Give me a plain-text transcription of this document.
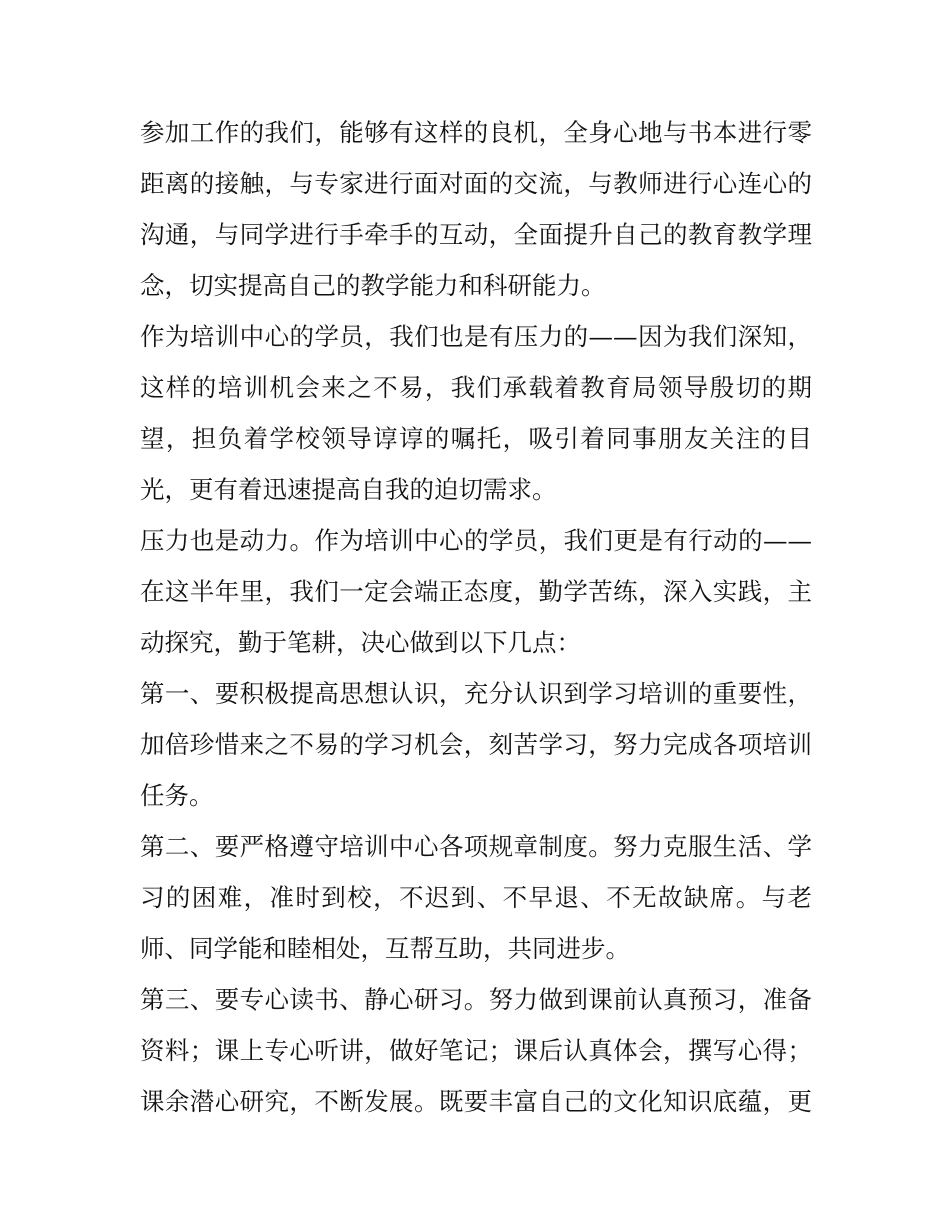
参加工作的我们，能够有这样的良机，全身心地与书本进行零
距离的接触，与专家进行面对面的交流，与教师进行心连心的
沟通，与同学进行手牵手的互动，全面提升自己的教育教学理
念，切实提高自己的教学能力和科研能力。
作为培训中心的学员，我们也是有压力的——因为我们深知，
这样的培训机会来之不易，我们承载着教育局领导殷切的期
望，担负着学校领导谆谆的嘱托，吸引着同事朋友关注的目
光，更有着迅速提高自我的迫切需求。
压力也是动力。作为培训中心的学员，我们更是有行动的——
在这半年里，我们一定会端正态度，勤学苦练，深入实践，主
动探究，勤于笔耕，决心做到以下几点：
第一、要积极提高思想认识，充分认识到学习培训的重要性，
加倍珍惜来之不易的学习机会，刻苦学习，努力完成各项培训
任务。
第二、要严格遵守培训中心各项规章制度。努力克服生活、学
习的困难，准时到校，不迟到、不早退、不无故缺席。与老
师、同学能和睦相处，互帮互助，共同进步。
第三、要专心读书、静心研习。努力做到课前认真预习，准备
资料；课上专心听讲，做好笔记；课后认真体会，撰写心得；
课余潜心研究，不断发展。既要丰富自己的文化知识底蕴，更
